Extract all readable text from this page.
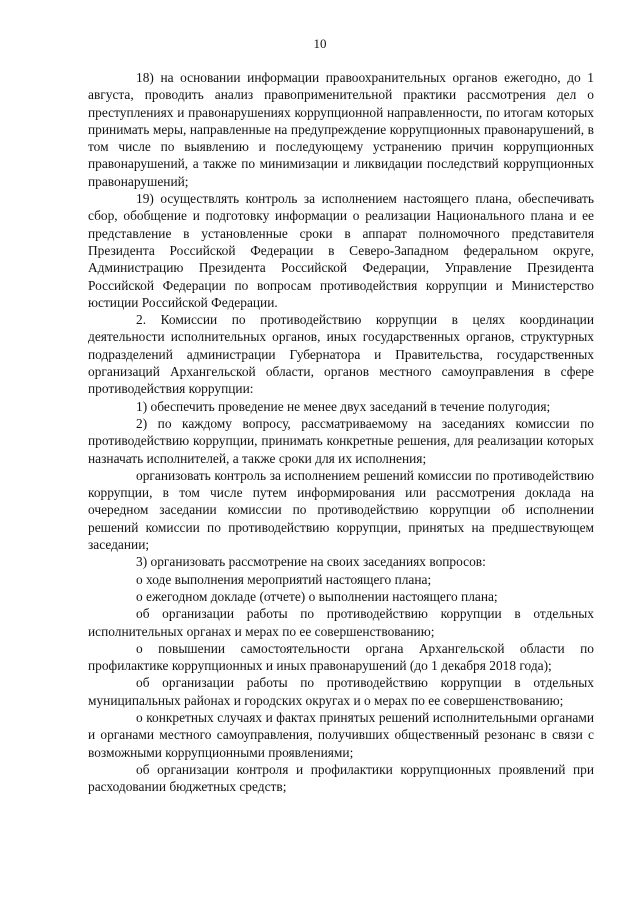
10

18) на основании информации правоохранительных органов ежегодно, до 1 августа, проводить анализ правоприменительной практики рассмотрения дел о преступлениях и правонарушениях коррупционной направленности, по итогам которых принимать меры, направленные на предупреждение коррупционных правонарушений, в том числе по выявлению и последующему устранению причин коррупционных правонарушений, а также по минимизации и ликвидации последствий коррупционных правонарушений;

19) осуществлять контроль за исполнением настоящего плана, обеспечивать сбор, обобщение и подготовку информации о реализации Национального плана и ее представление в установленные сроки в аппарат полномочного представителя Президента Российской Федерации в Северо-Западном федеральном округе, Администрацию Президента Российской Федерации, Управление Президента Российской Федерации по вопросам противодействия коррупции и Министерство юстиции Российской Федерации.

2. Комиссии по противодействию коррупции в целях координации деятельности исполнительных органов, иных государственных органов, структурных подразделений администрации Губернатора и Правительства, государственных организаций Архангельской области, органов местного самоуправления в сфере противодействия коррупции:

1) обеспечить проведение не менее двух заседаний в течение полугодия;

2) по каждому вопросу, рассматриваемому на заседаниях комиссии по противодействию коррупции, принимать конкретные решения, для реализации которых назначать исполнителей, а также сроки для их исполнения;

организовать контроль за исполнением решений комиссии по противодействию коррупции, в том числе путем информирования или рассмотрения доклада на очередном заседании комиссии по противодействию коррупции об исполнении решений комиссии по противодействию коррупции, принятых на предшествующем заседании;

3) организовать рассмотрение на своих заседаниях вопросов:

о ходе выполнения мероприятий настоящего плана;

о ежегодном докладе (отчете) о выполнении настоящего плана;

об организации работы по противодействию коррупции в отдельных исполнительных органах и мерах по ее совершенствованию;

о повышении самостоятельности органа Архангельской области по профилактике коррупционных и иных правонарушений (до 1 декабря 2018 года);

об организации работы по противодействию коррупции в отдельных муниципальных районах и городских округах и о мерах по ее совершенствованию;

о конкретных случаях и фактах принятых решений исполнительными органами и органами местного самоуправления, получивших общественный резонанс в связи с возможными коррупционными проявлениями;

об организации контроля и профилактики коррупционных проявлений при расходовании бюджетных средств;
